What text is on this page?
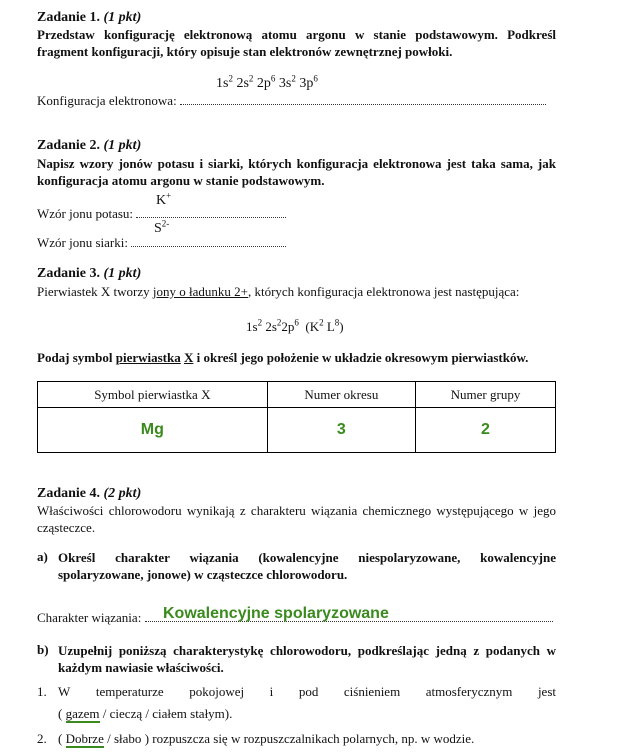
Zadanie 1. (1 pkt)
Przedstaw konfigurację elektronową atomu argonu w stanie podstawowym. Podkreśl fragment konfiguracji, który opisuje stan elektronów zewnętrznej powłoki.
$1s^2$ $2s^2$ $2p^6$ $3s^2$ $3p^6$
Konfiguracja elektronowa:
Zadanie 2. (1 pkt)
Napisz wzory jonów potasu i siarki, których konfiguracja elektronowa jest taka sama, jak konfiguracja atomu argonu w stanie podstawowym.
K+
Wzór jonu potasu:
$S^{2-}$
Wzór jonu siarki:
Zadanie 3. (1 pkt)
Pierwiastek X tworzy jony o ładunku 2+, których konfiguracja elektronowa jest następująca:
$1s^2$ $2s^22p^6$ ($K^2$ $L^8$)
Podaj symbol pierwiastka X i określ jego położenie w układzie okresowym pierwiastków.
Symbol pierwiastka X	Numer okresu	Numer grupy
Mg	3	2
Zadanie 4. (2 pkt)
Właściwości chlorowodoru wynikają z charakteru wiązania chemicznego występującego w jego cząsteczce.
a) Określ charakter wiązania (kowalencyjne niespolaryzowane, kowalencyjne spolaryzowane, jonowe) w cząsteczce chlorowodoru.
Charakter wiązania:	Kowalencyjne spolaryzowane
b) Uzupełnij poniższą charakterystykę chlorowodoru, podkreślając jedną z podanych w każdym nawiasie właściwości.
1. W temperaturze pokojowej i pod ciśnieniem atmosferycznym jest
( gazem / cieczą / ciałem stałym).
2. ( Dobrze / słabo ) rozpuszcza się w rozpuszczalnikach polarnych, np. w wodzie.
